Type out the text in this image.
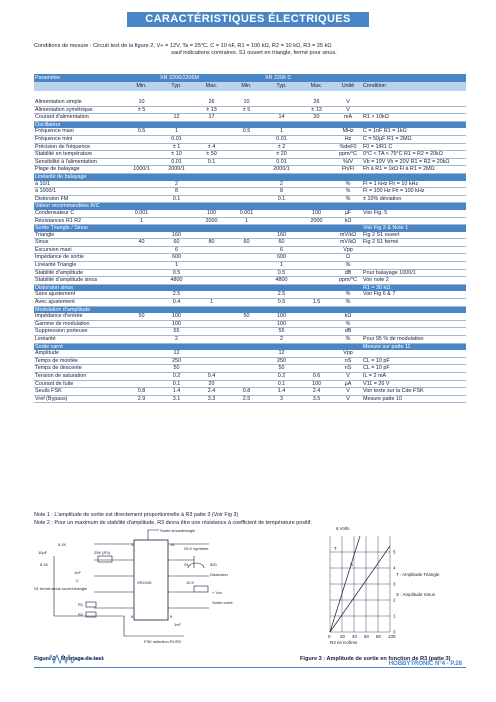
CARACTÉRISTIQUES ÉLECTRIQUES
Conditions de mesure : Circuit test de la figure 2, V+ = 12V, Ta = 25°C, C = 10 nF, R1 = 100 kΩ, R2 = 10 kΩ, R3 = 25 kΩ
sauf indications contraires. S1 ouvert en triangle, fermé pour sinus.
Paramètre		XR 2206/2206M			XR 2206 C			
	Min.	Typ.	Max.	Min.	Typ.	Max.	Unité	Condition

Alimentation simple	10		26	10		26	V	
Alimentation symétrique	± 5		± 13	± 5		± 13	V	
Courant d'alimentation		12	17		14	20	mA	R1 > 10kΩ
Oscillateur								
Fréquence maxi	0.5	1		0.5	1		MHz	C = 1nF R1 = 1kΩ
Fréquence mini		0.01			0.01		Hz	C = 50µF R1 = 2MΩ
Précision de fréquence		± 1	± 4		± 2		%deF0	F0 = 1/R1 C
Stabilité en température		± 10	± 50		± 20		ppm/°C	0°C < TA < 75°C R1 = R2 = 20kΩ
Sensibilité à l'alimentation		0.01	0.1		0.01		%/V	Vb = 10V Vh = 20V R1 = R2 = 20kΩ
Plage de balayage	1000/1	2000/1			2000/1		Fh/Fl	Fh à R1 = 1kΩ Fl à R1 = 2MΩ
Linéarité de balayage								
à 10/1		2			2		%	Fl = 1 kHz Fh = 10 kHz
à 1000/1		8			8		%	Fl = 100 Hz Fh = 100 kHz
Distorsion FM		0.1			0.1		%	± 10% déviation
Valeur recommandées R/C								
Condensateur C	0.001		100	0.001		100	µF	Voir Fig. 5
Résistances R1 R2	1		2000	1		2000	kΩ	
Sortie Triangle / Sinus								Voir Fig 3 & Note 1
Triangle		160			160		mV/kΩ	Fig 2 S1 ouvert
Sinus	40	60	80	60	60		mV/kΩ	Fig 2 S1 fermé
Excursion maxi		6			6		Vpp	
Impédance de sortie		600			600		Ω	
Linéarité Triangle		1			1		%	
Stabilité d'amplitude		0.5			0.5		dB	Pour balayage 1000/1
Stabilité d'amplitude sinus		4800			4800		ppm/°C	Voir note 2
Distorsion sinus								R1 = 30 kΩ
Sans ajustement		2.5			2.5		%	Voir Fig 6 & 7
Avec ajustement		0.4	1		0.5	1.5	%	
Modulation d'amplitude								
Impédance d'entrée	50	100		50	100		kΩ	
Gamme de modulation		100			100		%	
Suppression porteuse		55			55		dB	
Linéarité		2			2		%	Pour 95 % de modulation
Sortie carré								Mesure sur patte 11
Amplitude		12			12		Vpp	
Temps de montée		250			250		nS	CL = 10 pF
Temps de descente		50			50		nS	CL = 10 pF
Tension de saturation		0.2	0.4		0.2	0.6	V	IL = 2 mA
Courant de fuite		0.1	20		0.1	100	µA	V11 = 26 V
Seuils FSK	0.8	1.4	2.4	0.8	1.4	2.4	V	Voir texte sur la Cde FSK
Vref (Bypass)	2.9	3.1	3.3	2.5	3	3.5	V	Mesure patte 10
Note 1 : L'amplitude de sortie est directement proportionnelle à R3 patte 3 (Voir Fig 3)
Note 2 : Pour un maximum de stabilité d'amplitude, R3 devra être une résistance à coefficient de température positif.
XR2206
1	16
8	9
Sortie sinus/triangle
25 K symétrie
5.1K
10µF	25K (R3)
5.1K
S1 fermé:sinus ouvert:triangle
1nF
C
S1	500
Distorsion
10 K
+ Vcc
Sortie carré
R1
R2
1nF
FSK sélection R1/R2
Figure 2 : Montage de test
6 Volts
R3 en Kohms
T
S
T : Amplitude Triangle
S : Amplitude Sinus
0 20 40 60 80 100
5
4
3
2
1
0
Figure 3 : Amplitude de sortie en fonction de R3 (patte 3)
HOBBYTRONIC N°4 - P.28
